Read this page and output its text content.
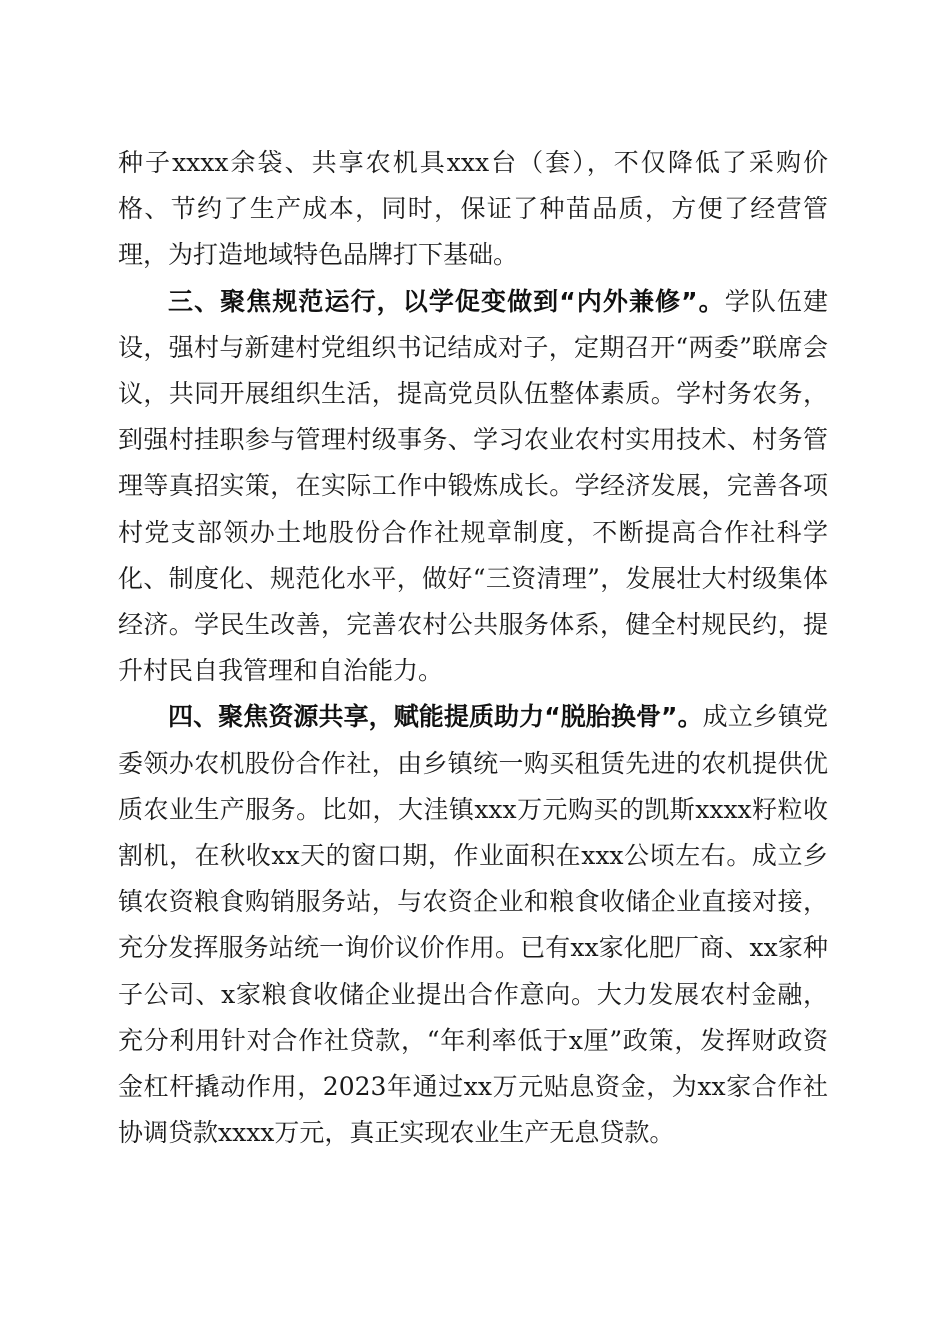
种子xxxx余袋、共享农机具xxx台（套），不仅降低了采购价格、节约了生产成本，同时，保证了种苗品质，方便了经营管理，为打造地域特色品牌打下基础。

三、聚焦规范运行，以学促变做到“内外兼修”。学队伍建设，强村与新建村党组织书记结成对子，定期召开“两委”联席会议，共同开展组织生活，提高党员队伍整体素质。学村务农务，到强村挂职参与管理村级事务、学习农业农村实用技术、村务管理等真招实策，在实际工作中锻炼成长。学经济发展，完善各项村党支部领办土地股份合作社规章制度，不断提高合作社科学化、制度化、规范化水平，做好“三资清理”，发展壮大村级集体经济。学民生改善，完善农村公共服务体系，健全村规民约，提升村民自我管理和自治能力。

四、聚焦资源共享，赋能提质助力“脱胎换骨”。成立乡镇党委领办农机股份合作社，由乡镇统一购买租赁先进的农机提供优质农业生产服务。比如，大洼镇xxx万元购买的凯斯xxxx籽粒收割机，在秋收xx天的窗口期，作业面积在xxx公顷左右。成立乡镇农资粮食购销服务站，与农资企业和粮食收储企业直接对接，充分发挥服务站统一询价议价作用。已有xx家化肥厂商、xx家种子公司、x家粮食收储企业提出合作意向。大力发展农村金融，充分利用针对合作社贷款，“年利率低于x厘”政策，发挥财政资金杠杆撬动作用，2023年通过xx万元贴息资金，为xx家合作社协调贷款xxxx万元，真正实现农业生产无息贷款。
